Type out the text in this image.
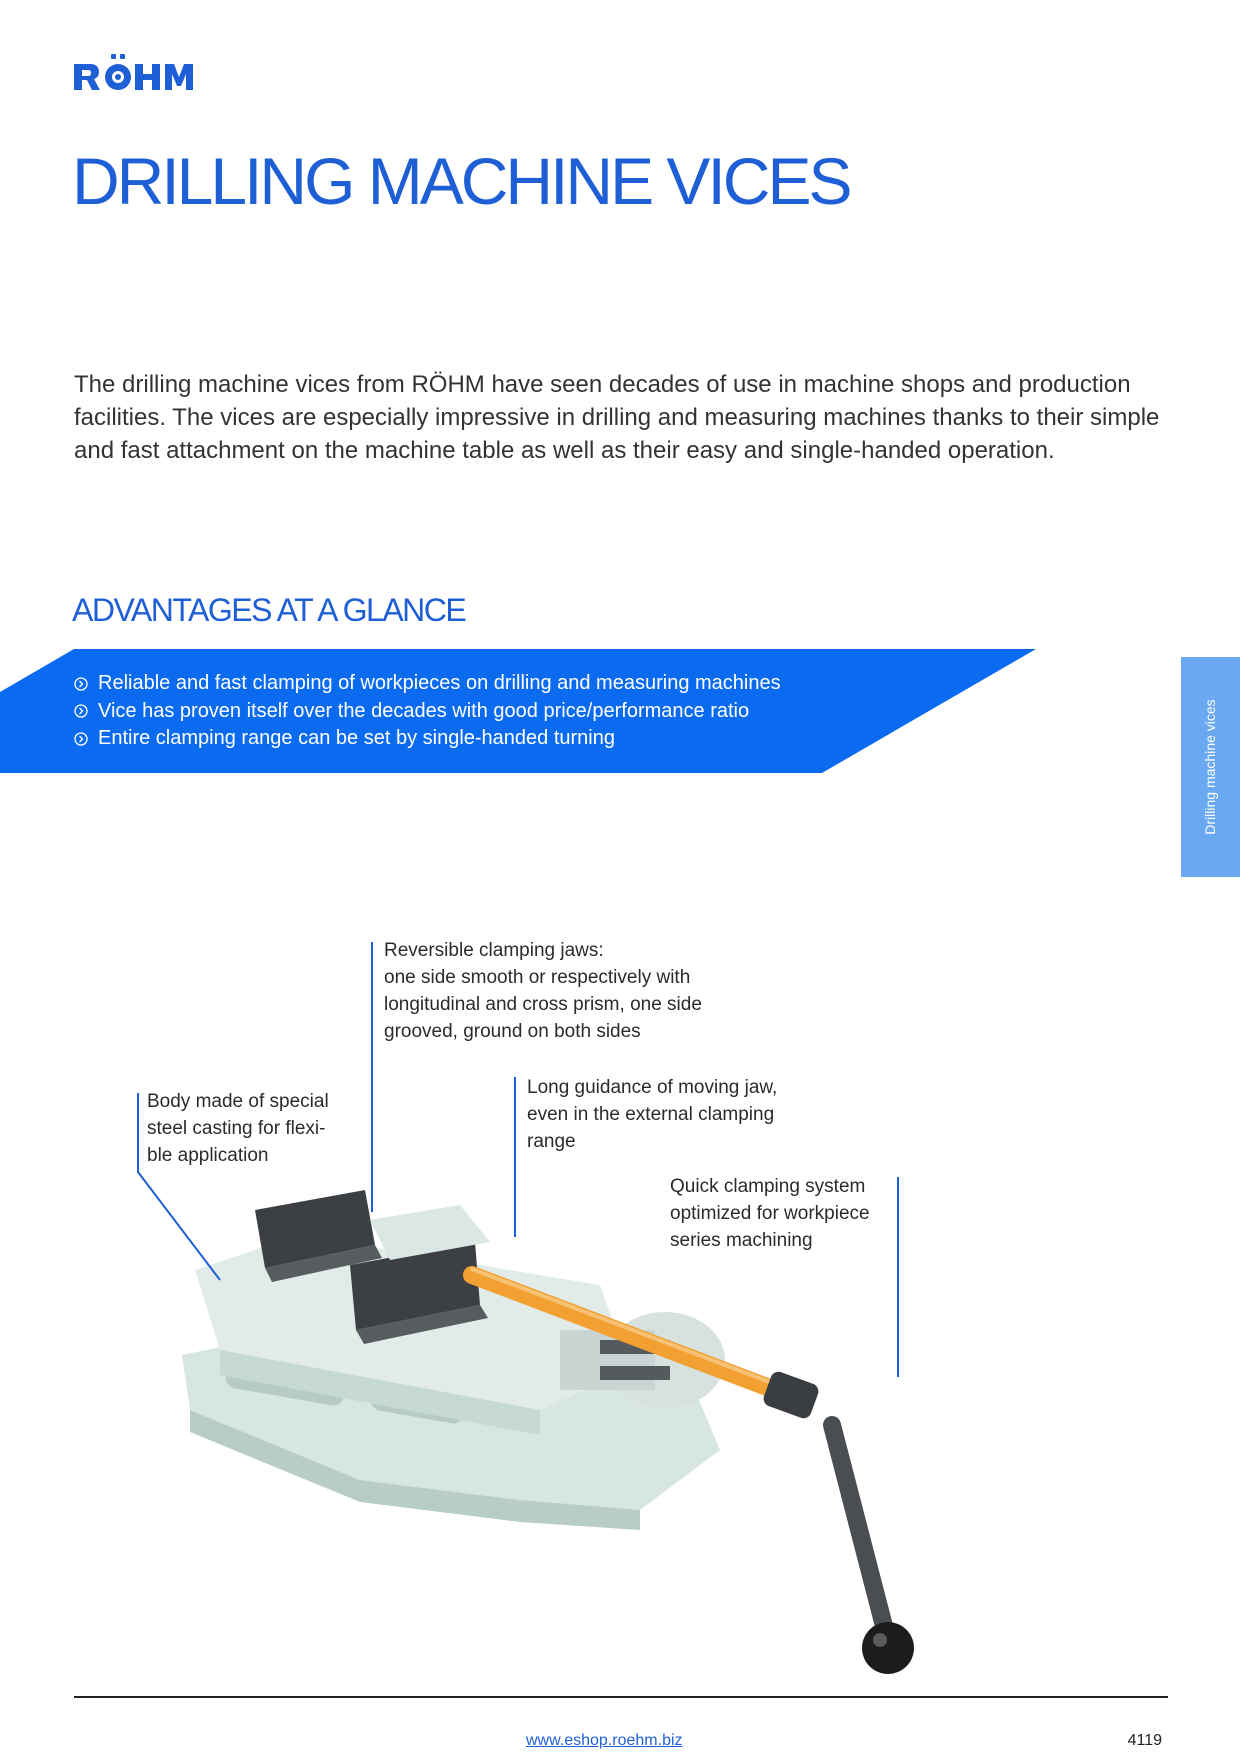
DRILLING MACHINE VICES

The drilling machine vices from RÖHM have seen decades of use in machine shops and production facilities. The vices are especially impressive in drilling and measuring machines thanks to their simple and fast attachment on the machine table as well as their easy and single-handed operation.

ADVANTAGES AT A GLANCE
Reliable and fast clamping of workpieces on drilling and measuring machines
Vice has proven itself over the decades with good price/performance ratio
Entire clamping range can be set by single-handed turning	Drilling machine vices

Reversible clamping jaws:

one side smooth or respectively with

longitudinal and cross prism, one side

grooved, ground on both sides

Body made of special

steel casting for flexi-

ble application

Long guidance of moving jaw,

even in the external clamping

range

Quick clamping system

optimized for workpiece

series machining

www.eshop.roehm.biz	4119
